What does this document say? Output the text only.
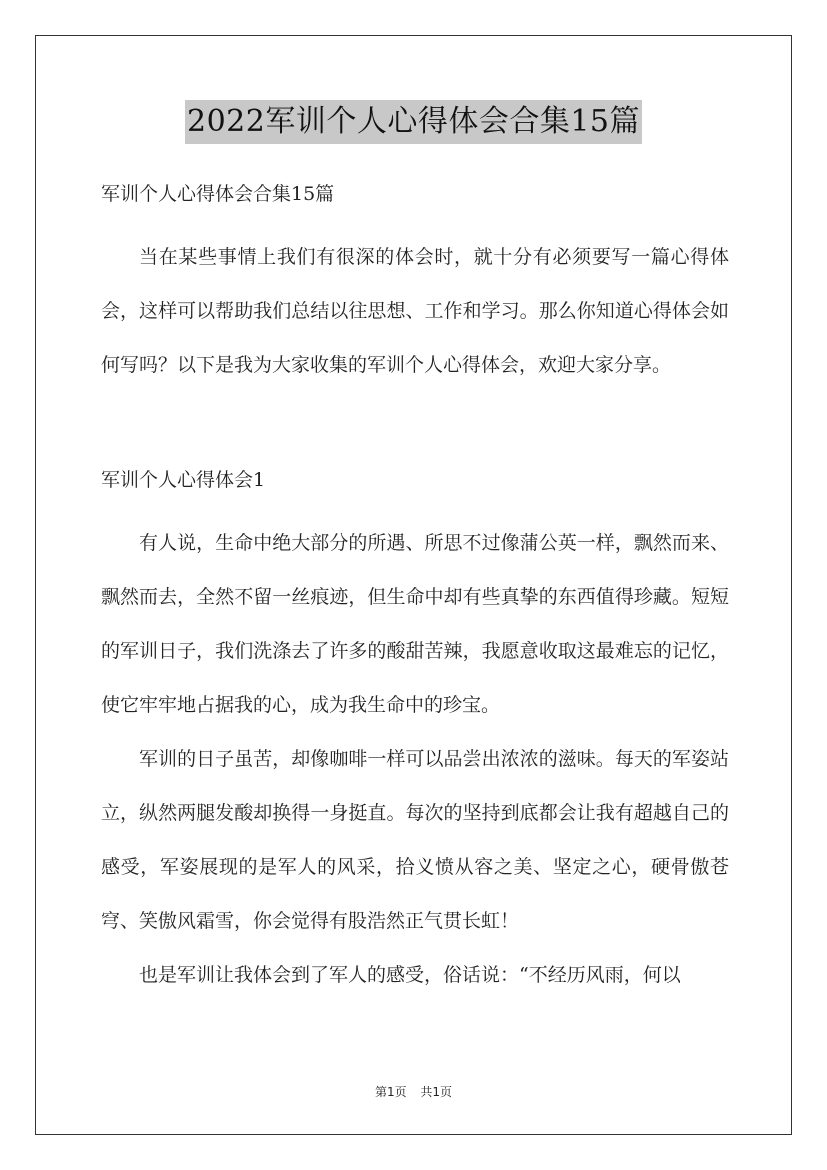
2022军训个人心得体会合集15篇
军训个人心得体会合集15篇

当在某些事情上我们有很深的体会时，就十分有必须要写一篇心得体会，这样可以帮助我们总结以往思想、工作和学习。那么你知道心得体会如何写吗？以下是我为大家收集的军训个人心得体会，欢迎大家分享。

军训个人心得体会1

有人说，生命中绝大部分的所遇、所思不过像蒲公英一样，飘然而来、飘然而去，全然不留一丝痕迹，但生命中却有些真挚的东西值得珍藏。短短的军训日子，我们洗涤去了许多的酸甜苦辣，我愿意收取这最难忘的记忆，使它牢牢地占据我的心，成为我生命中的珍宝。

军训的日子虽苦，却像咖啡一样可以品尝出浓浓的滋味。每天的军姿站立，纵然两腿发酸却换得一身挺直。每次的坚持到底都会让我有超越自己的感受，军姿展现的是军人的风采，拾义愤从容之美、坚定之心，硬骨傲苍穹、笑傲风霜雪，你会觉得有股浩然正气贯长虹！

也是军训让我体会到了军人的感受，俗话说：“不经历风雨，何以

第1页 共1页
